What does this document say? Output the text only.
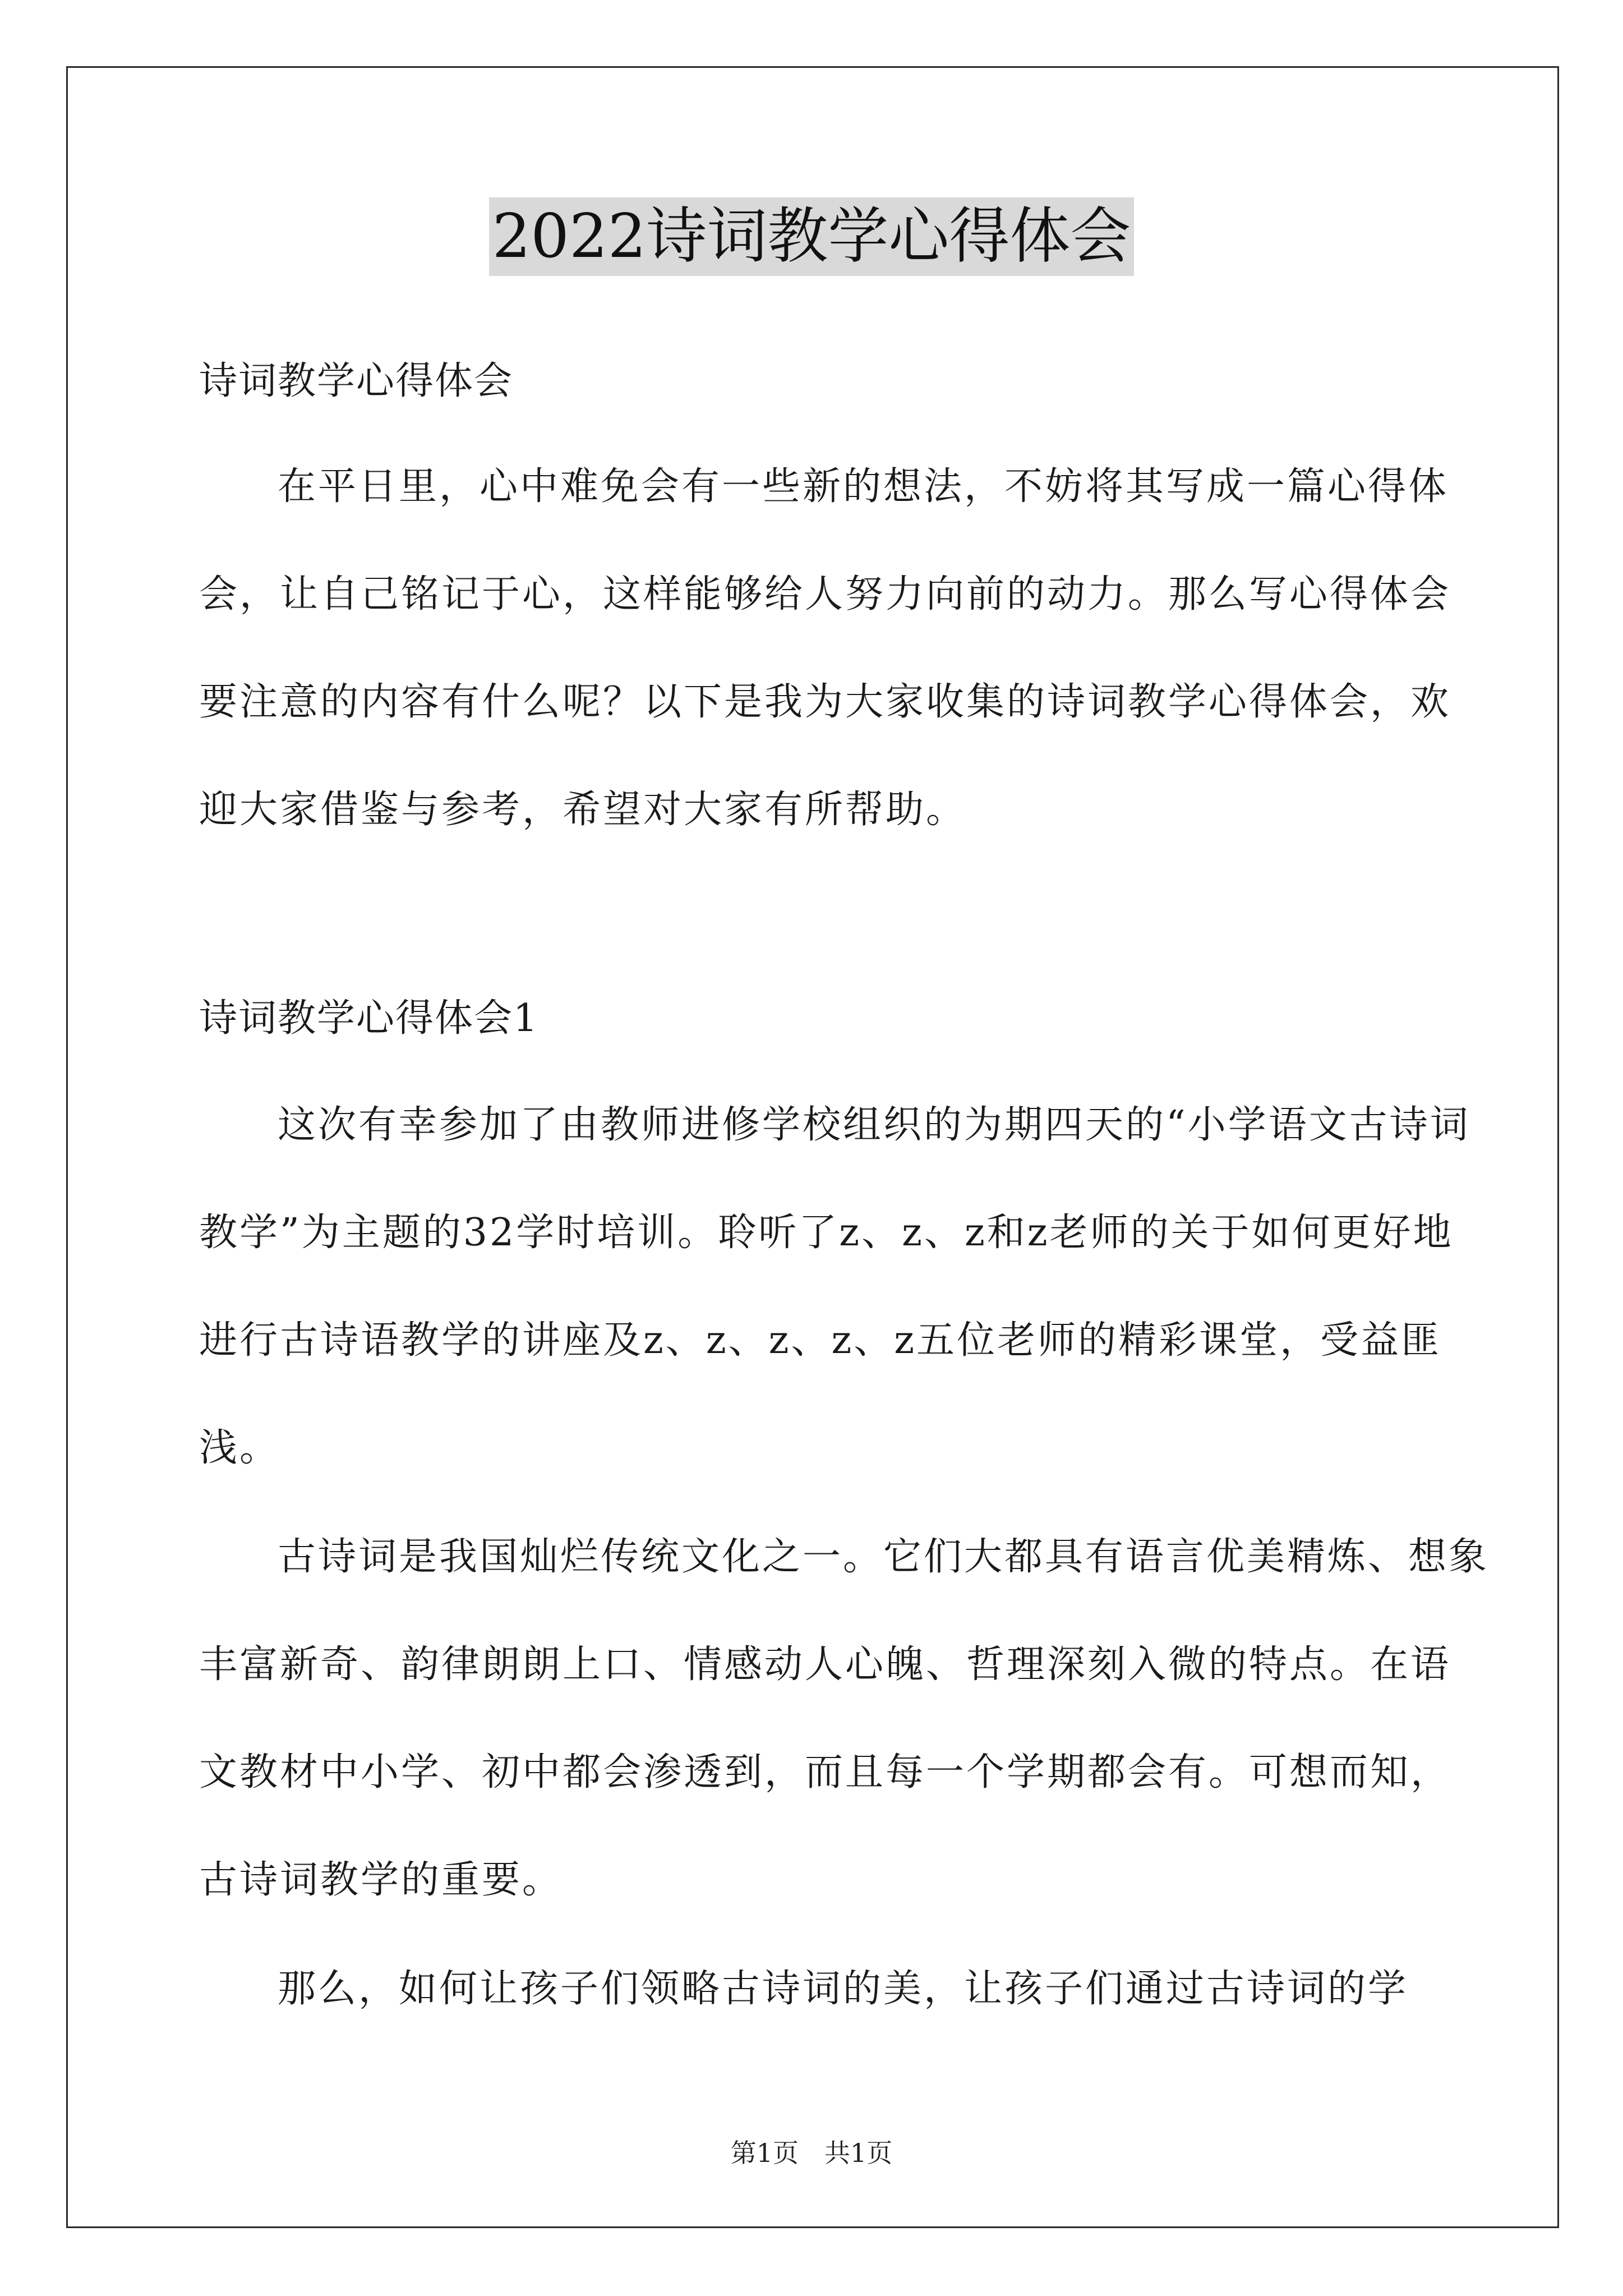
2022诗词教学心得体会

诗词教学心得体会

在平日里，心中难免会有一些新的想法，不妨将其写成一篇心得体会，让自己铭记于心，这样能够给人努力向前的动力。那么写心得体会要注意的内容有什么呢？以下是我为大家收集的诗词教学心得体会，欢迎大家借鉴与参考，希望对大家有所帮助。

诗词教学心得体会1

这次有幸参加了由教师进修学校组织的为期四天的“小学语文古诗词教学”为主题的32学时培训。聆听了z、z、z和z老师的关于如何更好地进行古诗语教学的讲座及z、z、z、z、z五位老师的精彩课堂，受益匪浅。

古诗词是我国灿烂传统文化之一。它们大都具有语言优美精炼、想象丰富新奇、韵律朗朗上口、情感动人心魄、哲理深刻入微的特点。在语文教材中小学、初中都会渗透到，而且每一个学期都会有。可想而知，古诗词教学的重要。

那么，如何让孩子们领略古诗词的美，让孩子们通过古诗词的学

第1页　共1页
